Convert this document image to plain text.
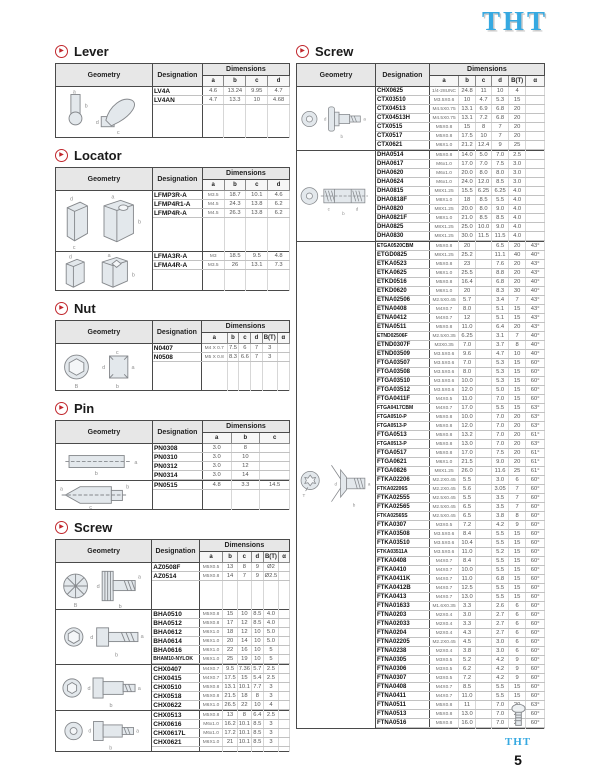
THT
▶ Lever
Geometry	Designation	Dimensions			
		a	b	c	d

a
b
d
c	LV4A	4.6	13.24	9.95	4.7
	LV4AN	4.7	13.3	10	4.68

▶ Locator
Geometry	Designation	Dimensions			
		a	b	c	d

d
c
a
b	LFMP3R-A	M3.5	18.7	10.1	4.6
	LFMP4R1-A	M4.5	24.3	13.8	6.2
	LFMP4R-A	M4.5	26.3	13.8	6.2

d a
b	LFMA3R-A	M3	18.5	9.5	4.8
	LFMA4R-A	M3.5	26	13.1	7.3

▶ Nut
Geometry	Designation	Dimensions					
		a	b	c	d	B(T)	α

B
a
c
b
d	N0407	M4 X 0.7	7.5	6	7	3	
	N0508	M5 X 0.8	8.3	6.6	7	3	

▶ Pin
Geometry	Designation	Dimensions		
		a	b	c

a
b	PN0308	3.0	8	
	PN0310	3.0	10	
	PN0312	3.0	12	
	PN0314	3.0	14	

a b
c	PN0515	4.8	3.3	14.5

▶ Screw
Geometry	Designation	Dimensions					
		a	b	c	d	B(T)	α

B
d
a
b	AZ0508F	M5X0.5	13	8	9	Ø2	
	AZ0514	M5X0.8	14	7	9	Ø2.5	

d a
b	BHA0510	M5X0.8	15	10	8.5	4.0	
	BHA0512	M5X0.8	17	12	8.5	4.0	
	BHA0612	M6X1.0	18	12	10	5.0	
	BHA0614	M6X1.0	20	14	10	5.0	
	BHA0616	M6X1.0	22	16	10	5	
	BHAM10-NYLOK	M6X1.0	25	19	10	5	

d a
b	CHX0407	M4X0.7	9.5	7.36	5.7	2.5	
	CHX0415	M4X0.7	17.5	15	5.4	2.5	
	CHX0510	M5X0.8	13.1	10.1	7.7	3	
	CHX0518	M5X0.8	21.5	18	8	3	
	CHX0622	M6X1.0	26.5	22	10	4	

d a
b	CHX0513	M5X0.8	13	8	6.4	2.5	
	CHX0616	M6x1.0	16.2	10.1	8.5	3	
	CHX0617L	M6x1.0	17.2	10.1	8.5	3	
	CHX0621	M6X1.0	21	10.1	8.5	3	

▶ Screw
Geometry	Designation	Dimensions					
		a	b	c	d	B(T)	α

d a
b	CHX0625	1/4-28UNC	24.8	11	10	4	
	CTX03510	M3.5X0.6	10	4.7	5.3	15	
	CTX04513	M4.5X0.75	13.1	6.9	6.8	20	
	CTX04513H	M4.5X0.75	13.1	7.2	6.8	20	
	CTX0515	M5X0.8	15	8	7	20	
	CTX0517	M5X0.8	17.5	10	7	20	
	CTX0621	M6X1.0	21.2	12.4	9	25	

c d
b	DHA0514	M5X0.8	14.0	5.0	7.0	2.5	
	DHA0617	M6x1.0	17.0	7.0	7.5	3.0	
	DHA0620	M6x1.0	20.0	8.0	8.0	3.0	
	DHA0624	M6x1.0	24.0	12.0	8.5	3.0	
	DHA0815	M8X1.25	15.5	6.25	6.25	4.0	
	DHA0818F	M8X1.0	18	8.5	5.5	4.0	
	DHA0820	M8X1.25	20.0	8.0	9.0	4.0	
	DHA0821F	M8X1.0	21.0	8.5	8.5	4.0	
	DHA0825	M8X1.25	25.0	10.0	9.0	4.0	
	DHA0830	M8X1.25	30.0	11.5	11.5	4.0	

T
d a
b	ETGA0520CBM	M5X0.8	20		6.5	20	43°
	ETGD0825	M8X1.25	25.2		11.1	40	40°
	ETKA0523	M5X0.8	23		7.6	20	43°
	ETKA0625	M6X1.0	25.5		8.8	20	43°
	ETKD0516	M5X0.8	16.4		6.8	20	40°
	ETKD0620	M6X1.0	20		8.3	30	40°
	ETNA02506	M2.5X0.45	5.7		3.4	7	43°
	ETNA0408	M4X0.7	8.0		5.1	15	43°
	ETNA0412	M4X0.7	12		5.1	15	43°
	ETNA0511	M5X0.8	11.0		6.4	20	43°
	ETND02506F	M2.5X0.35	6.25		3.1	7	40°
	ETND0307F	M3X0.35	7.0		3.7	8	40°
	ETND03509	M3.5X0.6	9.6		4.7	10	40°
	FTGA03507	M3.5X0.6	7.0		5.3	15	60°
	FTGA03508	M3.5X0.6	8.0		5.3	15	60°
	FTGA03510	M3.5X0.6	10.0		5.3	15	60°
	FTGA03512	M3.5X0.6	12.0		5.0	15	60°
	FTGA0411F	M4X0.5	11.0		7.0	15	60°
	FTGA0417CBM	M4X0.7	17.0		5.5	15	63°
	FTGA0510-P	M5X0.8	10.0		7.0	20	63°
	FTGA0513-P	M5X0.8	12.0		7.0	20	63°
	FTGA0513	M5X0.8	13.2		7.0	20	61°
	FTGA0513-P	M5X0.8	13.0		7.0	20	63°
	FTGA0517	M5X0.8	17.0		7.5	20	61°
	FTGA0621	M6X1.0	21.5		9.0	20	61°
	FTGA0826	M8X1.25	26.0		11.6	25	61°
	FTKA02206	M2.2X0.45	5.5		3.0	6	60°
	FTKA02206S	M2.2X0.45	5.6		3.05	7	60°
	FTKA02555	M2.5X0.45	5.5		3.5	7	60°
	FTKA02565	M2.5X0.45	6.5		3.5	7	60°
	FTKA02565S	M2.5X0.45	6.5		3.8	8	60°
	FTKA0307	M3X0.5	7.2		4.2	9	60°
	FTKA03508	M3.5X0.6	8.4		5.5	15	60°
	FTKA03510	M3.5X0.6	10.4		5.5	15	60°
	FTKA03511A	M3.5X0.6	11.0		5.2	15	60°
	FTKA0408	M4X0.7	8.4		5.5	15	60°
	FTKA0410	M4X0.7	10.0		5.5	15	60°
	FTKA0411K	M4X0.7	11.0		6.8	15	60°
	FTKA0412B	M4X0.7	12.5		5.5	15	60°
	FTKA0413	M4X0.7	13.0		5.5	15	60°
	FTNA01633	M1.6X0.35	3.3		2.6	6	60°
	FTNA0203	M2X0.4	3.0		2.7	6	60°
	FTNA02033	M2X0.4	3.3		2.7	6	60°
	FTNA0204	M2X0.4	4.3		2.7	6	60°
	FTNA02205	M2.2X0.45	4.5		3.0	6	60°
	FTNA0238	M2X0.4	3.8		3.0	6	60°
	FTNA0305	M3X0.5	5.2		4.2	9	60°
	FTNA0306	M3X0.5	6.2		4.2	9	60°
	FTNA0307	M3X0.5	7.2		4.2	9	60°
	FTNA0408	M4X0.7	8.5		5.5	15	60°
	FTNA0411	M4X0.7	11.0		5.5	15	60°
	FTNA0511	M5X0.8	11		7.0		63°
	FTNA0513	M5X0.8	13.0		7.0		60°
	FTNA0516	M5X0.8	16.0		7.0		60°

THT
5
